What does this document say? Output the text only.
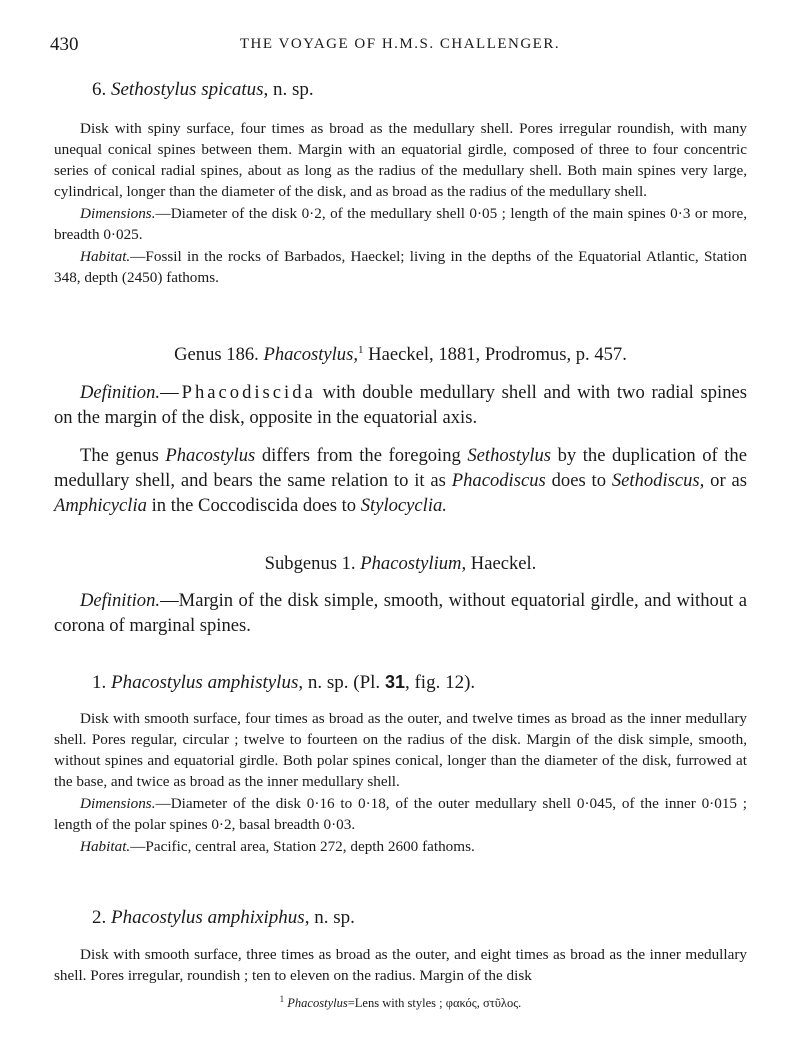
430	THE VOYAGE OF H.M.S. CHALLENGER.
6. Sethostylus spicatus, n. sp.

Disk with spiny surface, four times as broad as the medullary shell. Pores irregular roundish, with many unequal conical spines between them. Margin with an equatorial girdle, composed of three to four concentric series of conical radial spines, about as long as the radius of the medullary shell. Both main spines very large, cylindrical, longer than the diameter of the disk, and as broad as the radius of the medullary shell.

Dimensions.—Diameter of the disk 0·2, of the medullary shell 0·05 ; length of the main spines 0·3 or more, breadth 0·025.

Habitat.—Fossil in the rocks of Barbados, Haeckel; living in the depths of the Equatorial Atlantic, Station 348, depth (2450) fathoms.

Genus 186. Phacostylus,$^1$ Haeckel, 1881, Prodromus, p. 457.
Definition.—Phacodiscida with double medullary shell and with two radial spines on the margin of the disk, opposite in the equatorial axis.
The genus Phacostylus differs from the foregoing Sethostylus by the duplication of the medullary shell, and bears the same relation to it as Phacodiscus does to Sethodiscus, or as Amphicyclia in the Coccodiscida does to Stylocyclia.
Subgenus 1. Phacostylium, Haeckel.
Definition.—Margin of the disk simple, smooth, without equatorial girdle, and without a corona of marginal spines.
1. Phacostylus amphistylus, n. sp. (Pl. 31, fig. 12).

Disk with smooth surface, four times as broad as the outer, and twelve times as broad as the inner medullary shell. Pores regular, circular ; twelve to fourteen on the radius of the disk. Margin of the disk simple, smooth, without spines and equatorial girdle. Both polar spines conical, longer than the diameter of the disk, furrowed at the base, and twice as broad as the inner medullary shell.

Dimensions.—Diameter of the disk 0·16 to 0·18, of the outer medullary shell 0·045, of the inner 0·015 ; length of the polar spines 0·2, basal breadth 0·03.

Habitat.—Pacific, central area, Station 272, depth 2600 fathoms.

2. Phacostylus amphixiphus, n. sp.

Disk with smooth surface, three times as broad as the outer, and eight times as broad as the inner medullary shell. Pores irregular, roundish ; ten to eleven on the radius. Margin of the disk

$^1$ Phacostylus=Lens with styles ; φακός, στῦλος.
